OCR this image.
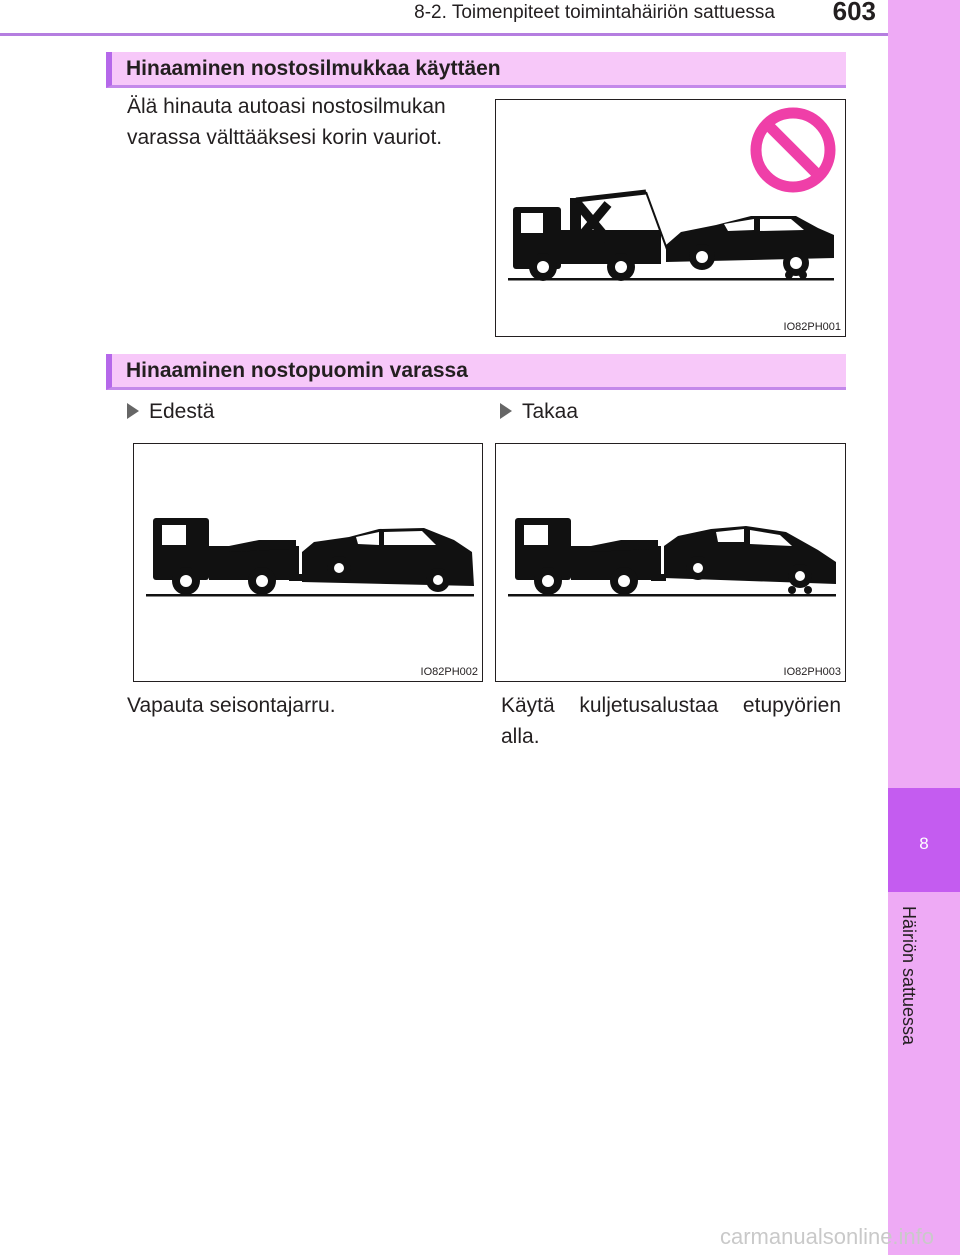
8-2. Toimenpiteet toimintahäiriön sattuessa 603
8
Häiriön sattuessa
Hinaaminen nostosilmukkaa käyttäen
Älä hinauta autoasi nostosilmukan varassa välttääksesi korin vauriot.
IO82PH001
Hinaaminen nostopuomin varassa
Edestä	Takaa
IO82PH002	IO82PH003
Vapauta seisontajarru.	Käytä kuljetusalustaa etupyörien alla.
carmanualsonline.info
